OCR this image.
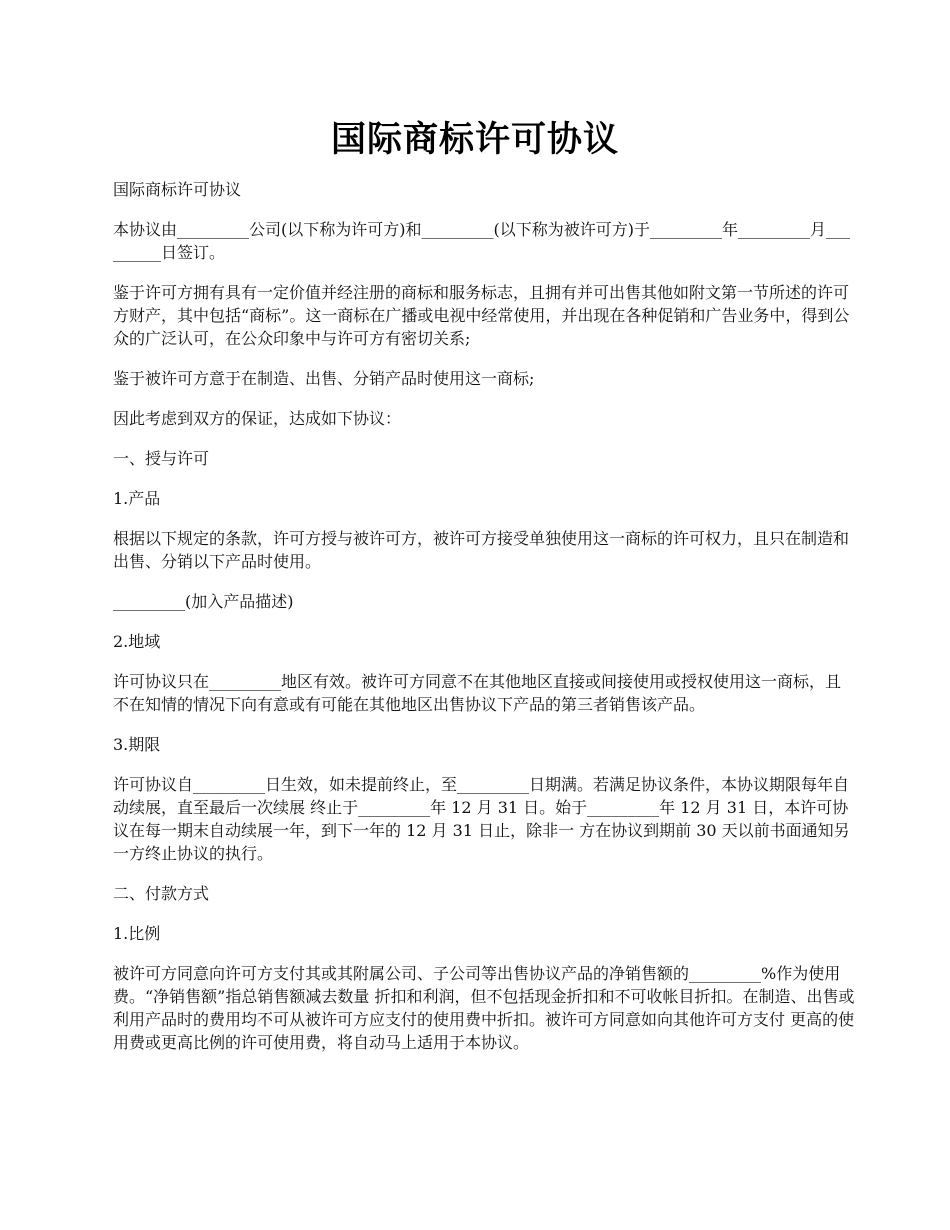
国际商标许可协议

国际商标许可协议

本协议由_________公司(以下称为许可方)和_________(以下称为被许可方)于_________年_________月_________日签订。

鉴于许可方拥有具有一定价值并经注册的商标和服务标志，且拥有并可出售其他如附文第一节所述的许可方财产，其中包括“商标”。这一商标在广播或电视中经常使用，并出现在各种促销和广告业务中，得到公众的广泛认可，在公众印象中与许可方有密切关系;

鉴于被许可方意于在制造、出售、分销产品时使用这一商标;

因此考虑到双方的保证，达成如下协议：

一、授与许可

1.产品

根据以下规定的条款，许可方授与被许可方，被许可方接受单独使用这一商标的许可权力，且只在制造和出售、分销以下产品时使用。

_________(加入产品描述)

2.地域

许可协议只在_________地区有效。被许可方同意不在其他地区直接或间接使用或授权使用这一商标，且不在知情的情况下向有意或有可能在其他地区出售协议下产品的第三者销售该产品。

3.期限

许可协议自_________日生效，如未提前终止，至_________日期满。若满足协议条件，本协议期限每年自动续展，直至最后一次续展 终止于_________年 12 月 31 日。始于_________年 12 月 31 日，本许可协议在每一期末自动续展一年，到下一年的 12 月 31 日止，除非一 方在协议到期前 30 天以前书面通知另一方终止协议的执行。

二、付款方式

1.比例

被许可方同意向许可方支付其或其附属公司、子公司等出售协议产品的净销售额的_________%作为使用费。“净销售额”指总销售额减去数量 折扣和利润，但不包括现金折扣和不可收帐目折扣。在制造、出售或利用产品时的费用均不可从被许可方应支付的使用费中折扣。被许可方同意如向其他许可方支付 更高的使用费或更高比例的许可使用费，将自动马上适用于本协议。
